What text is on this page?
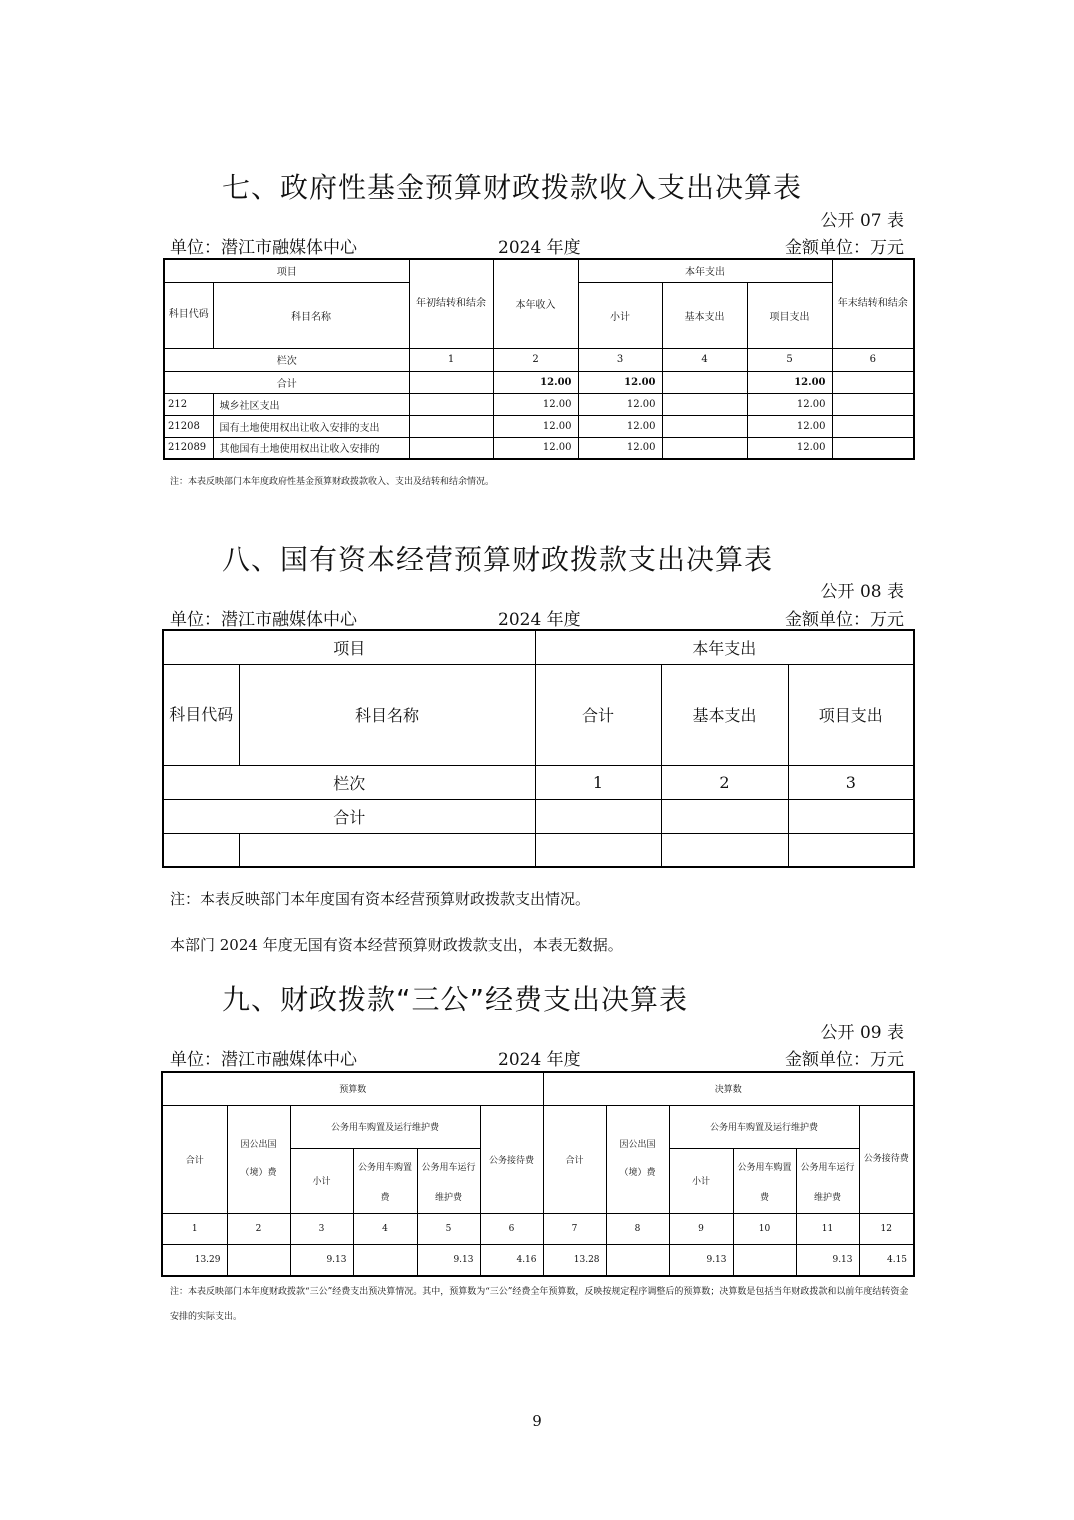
七、政府性基金预算财政拨款收入支出决算表
公开 07 表
单位：潜江市融媒体中心	2024 年度	金额单位：万元
项目		年初结转和结余	本年收入	本年支出			年末结转和结余
科目代码	科目名称			小计	基本支出	项目支出	
栏次		1	2	3	4	5	6
合计			12.00	12.00		12.00	
212	城乡社区支出		12.00	12.00		12.00	
21208	国有土地使用权出让收入安排的支出		12.00	12.00		12.00	
212089	其他国有土地使用权出让收入安排的		12.00	12.00		12.00	
注：本表反映部门本年度政府性基金预算财政拨款收入、支出及结转和结余情况。
八、国有资本经营预算财政拨款支出决算表
公开 08 表
单位：潜江市融媒体中心	2024 年度	金额单位：万元
项目		本年支出		
科目代码	科目名称	合计	基本支出	项目支出
栏次		1	2	3
合计				

注：本表反映部门本年度国有资本经营预算财政拨款支出情况。
本部门 2024 年度无国有资本经营预算财政拨款支出，本表无数据。
九、财政拨款“三公”经费支出决算表
公开 09 表
单位：潜江市融媒体中心	2024 年度	金额单位：万元
预算数						决算数					
合计	因公出国（境）费	公务用车购置及运行维护费			公务接待费	合计	因公出国（境）费	公务用车购置及运行维护费			公务接待费
		小计	公务用车购置费	公务用车运行维护费				小计	公务用车购置费	公务用车运行维护费	
1	2	3	4	5	6	7	8	9	10	11	12
13.29		9.13		9.13	4.16	13.28		9.13		9.13	4.15
注：本表反映部门本年度财政拨款“三公”经费支出预决算情况。其中，预算数为“三公”经费全年预算数，反映按规定程序调整后的预算数；决算数是包括当年财政拨款和以前年度结转资金安排的实际支出。
9
